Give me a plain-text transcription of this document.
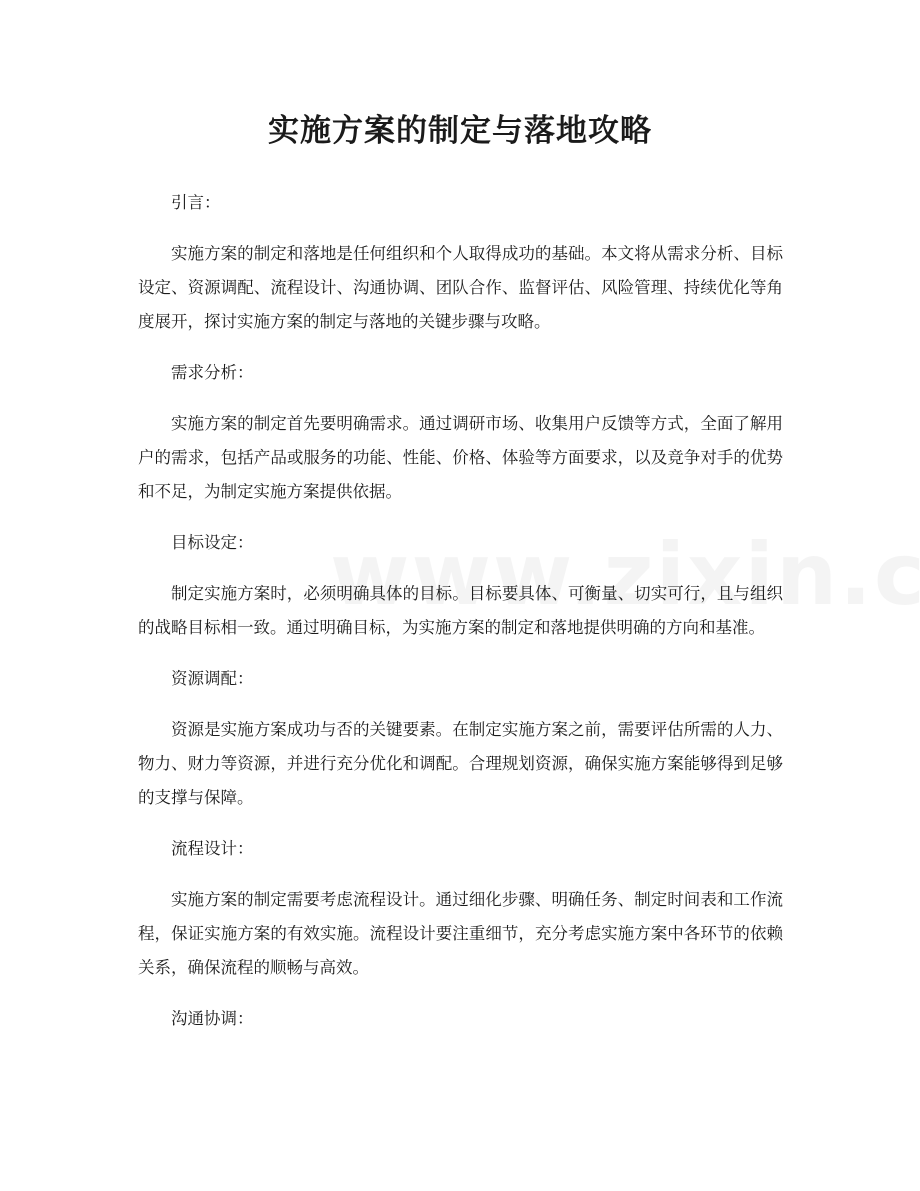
实施方案的制定与落地攻略

引言：

实施方案的制定和落地是任何组织和个人取得成功的基础。本文将从需求分析、目标设定、资源调配、流程设计、沟通协调、团队合作、监督评估、风险管理、持续优化等角度展开，探讨实施方案的制定与落地的关键步骤与攻略。

需求分析：

实施方案的制定首先要明确需求。通过调研市场、收集用户反馈等方式，全面了解用户的需求，包括产品或服务的功能、性能、价格、体验等方面要求，以及竞争对手的优势和不足，为制定实施方案提供依据。

目标设定：

制定实施方案时，必须明确具体的目标。目标要具体、可衡量、切实可行，且与组织的战略目标相一致。通过明确目标，为实施方案的制定和落地提供明确的方向和基准。

资源调配：

资源是实施方案成功与否的关键要素。在制定实施方案之前，需要评估所需的人力、物力、财力等资源，并进行充分优化和调配。合理规划资源，确保实施方案能够得到足够的支撑与保障。

流程设计：

实施方案的制定需要考虑流程设计。通过细化步骤、明确任务、制定时间表和工作流程，保证实施方案的有效实施。流程设计要注重细节，充分考虑实施方案中各环节的依赖关系，确保流程的顺畅与高效。

沟通协调：
